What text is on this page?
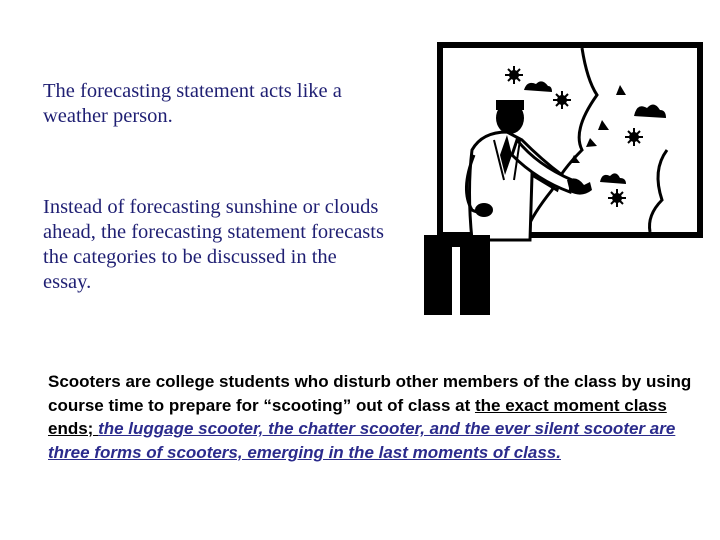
The forecasting statement acts like a weather person.

Instead of forecasting sunshine or clouds ahead, the forecasting statement forecasts the categories to be discussed in the essay.

Scooters are college students who disturb other members of the class by using course time to prepare for “scooting” out of class at the exact moment class ends; the luggage scooter, the chatter scooter, and the ever silent scooter are three forms of scooters, emerging in the last moments of class.
